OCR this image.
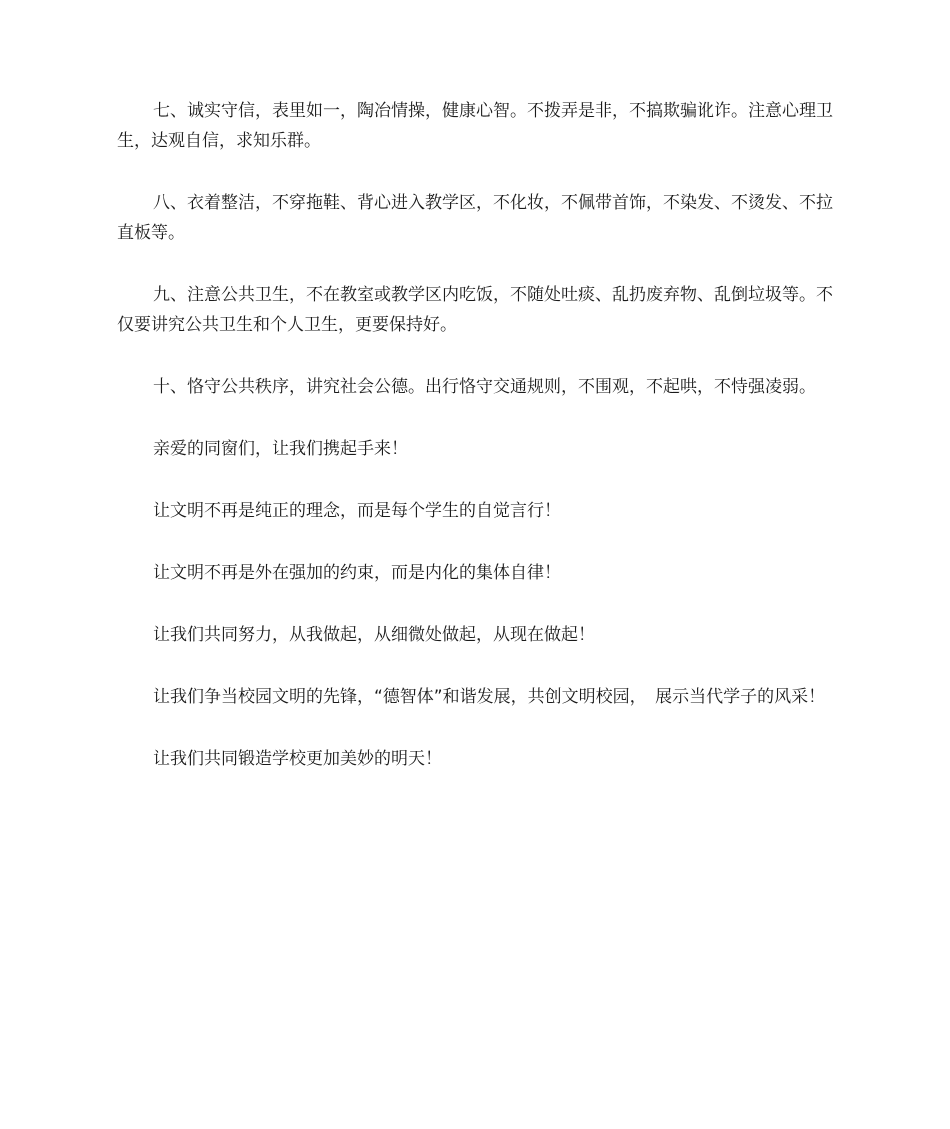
七、诚实守信，表里如一，陶冶情操，健康心智。不拨弄是非，不搞欺骗讹诈。注意心理卫生，达观自信，求知乐群。

八、衣着整洁，不穿拖鞋、背心进入教学区，不化妆，不佩带首饰，不染发、不烫发、不拉直板等。

九、注意公共卫生，不在教室或教学区内吃饭，不随处吐痰、乱扔废弃物、乱倒垃圾等。不仅要讲究公共卫生和个人卫生，更要保持好。

十、恪守公共秩序，讲究社会公德。出行恪守交通规则，不围观，不起哄，不恃强凌弱。

亲爱的同窗们，让我们携起手来！

让文明不再是纯正的理念，而是每个学生的自觉言行！

让文明不再是外在强加的约束，而是内化的集体自律！

让我们共同努力，从我做起，从细微处做起，从现在做起！

让我们争当校园文明的先锋，“德智体”和谐发展，共创文明校园，　展示当代学子的风采！

让我们共同锻造学校更加美妙的明天！
